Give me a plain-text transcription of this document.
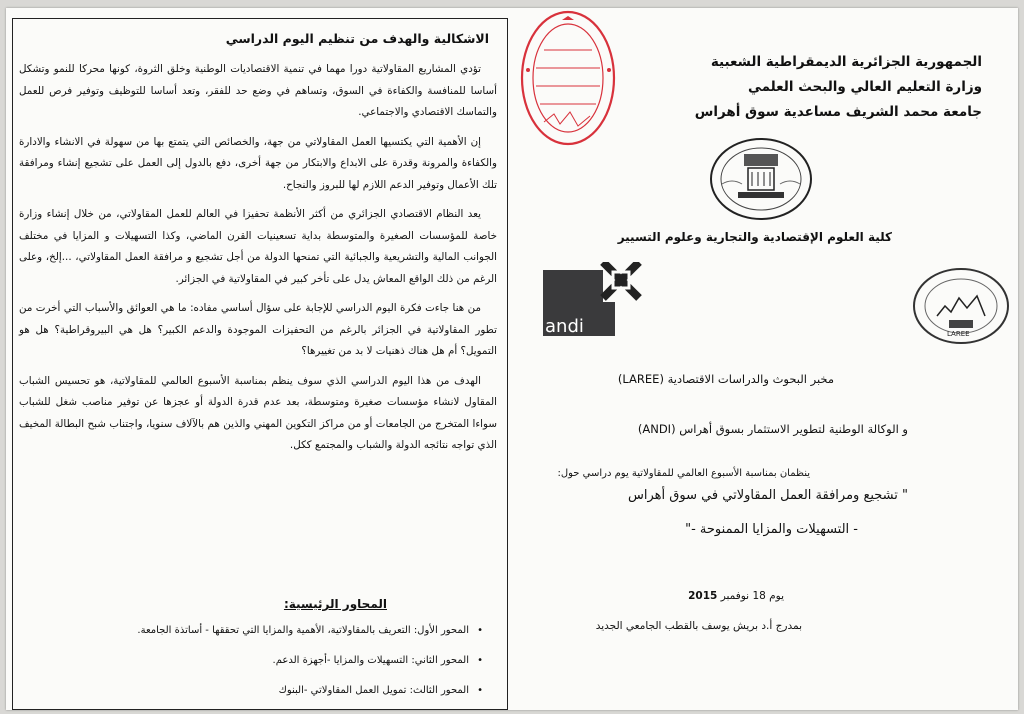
الاشكالية والهدف من تنظيم اليوم الدراسي

تؤدي المشاريع المقاولاتية دورا مهما في تنمية الاقتصاديات الوطنية وخلق الثروة، كونها محركا للنمو وتشكل أساسا للمنافسة والكفاءة في السوق، وتساهم في وضع حد للفقر، وتعد أساسا للتوظيف وتوفير فرص للعمل والتماسك الاقتصادي والاجتماعي.

إن الأهمية التي يكتسيها العمل المقاولاتي من جهة، والخصائص التي يتمتع بها من سهولة في الانشاء والادارة والكفاءة والمرونة وقدرة على الابداع والابتكار من جهة أخرى، دفع بالدول إلى العمل على تشجيع إنشاء ومرافقة تلك الأعمال وتوفير الدعم اللازم لها للبروز والنجاح.

يعد النظام الاقتصادي الجزائري من أكثر الأنظمة تحفيزا في العالم للعمل المقاولاتي، من خلال إنشاء وزارة خاصة للمؤسسات الصغيرة والمتوسطة بداية تسعينيات القرن الماضي، وكذا التسهيلات و المزايا في مختلف الجوانب المالية والتشريعية والجبائية التي تمنحها الدولة من أجل تشجيع و مرافقة العمل المقاولاتي، ...إلخ، وعلى الرغم من ذلك الواقع المعاش يدل على تأخر كبير في المقاولاتية في الجزائر.

من هنا جاءت فكرة اليوم الدراسي للإجابة على سؤال أساسي مفاده: ما هي العوائق والأسباب التي أخرت من تطور المقاولاتية في الجزائر بالرغم من التحفيزات الموجودة والدعم الكبير؟ هل هي البيروقراطية؟ هل هو التمويل؟ أم هل هناك ذهنيات لا بد من تغييرها؟

الهدف من هذا اليوم الدراسي الذي سوف ينظم بمناسبة الأسبوع العالمي للمقاولاتية، هو تحسيس الشباب المقاول لانشاء مؤسسات صغيرة ومتوسطة، بعد عدم قدرة الدولة أو عجزها عن توفير مناصب شغل للشباب سواءا المتخرج من الجامعات أو من مراكز التكوين المهني والذين هم بالآلاف سنويا، واجتناب شبح البطالة المخيف الذي تواجه نتائجه الدولة والشباب والمجتمع ككل.

المحاور الرئيسية:
• المحور الأول: التعريف بالمقاولاتية، الأهمية والمزايا التي تحققها - أساتذة الجامعة.
• المحور الثاني: التسهيلات والمزايا -أجهزة الدعم.
• المحور الثالث: تمويل العمل المقاولاتي -البنوك
الجمهورية الجزائرية الديمقراطية الشعبية
وزارة التعليم العالي والبحث العلمي
جامعة محمد الشريف مساعدية سوق أهراس
كلية العلوم الإقتصادية والتجارية وعلوم التسيير
مخبر البحوث والدراسات الاقتصادية (LAREE)
و الوكالة الوطنية لتطوير الاستثمار بسوق أهراس (ANDI)
ينظمان بمناسبة الأسبوع العالمي للمقاولاتية يوم دراسي حول:
" تشجيع ومرافقة العمل المقاولاتي في سوق أهراس
- التسهيلات والمزايا الممنوحة -"
يوم 18 نوفمبر 2015
بمدرج أ.د بريش يوسف بالقطب الجامعي الجديد
andi	LAREE
